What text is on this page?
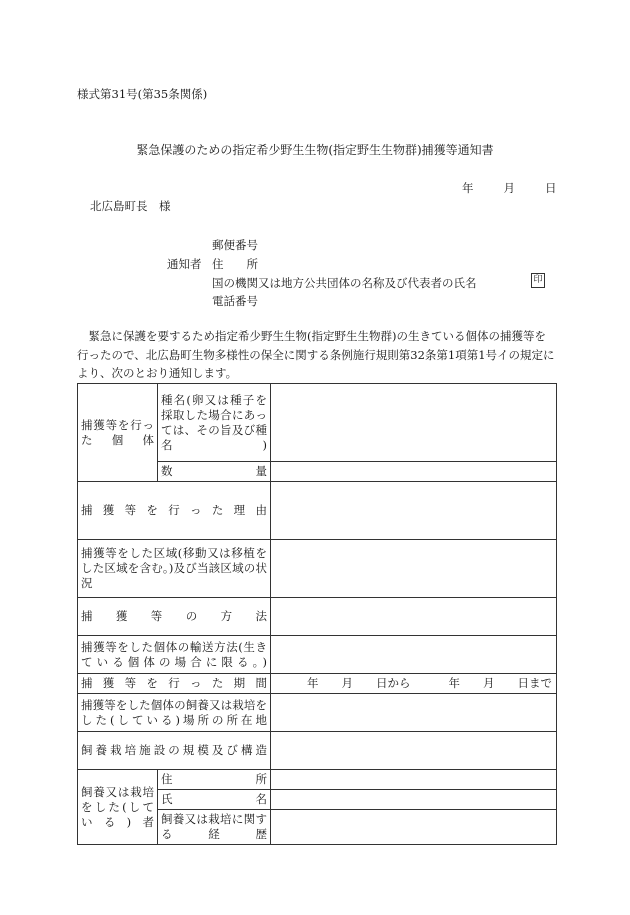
様式第31号(第35条関係)
緊急保護のための指定希少野生生物(指定野生生物群)捕獲等通知書
年	月	日
北広島町長　様
郵便番号
通知者 住　　所
国の機関又は地方公共団体の名称及び代表者の氏名	印
電話番号
緊急に保護を要するため指定希少野生生物(指定野生生物群)の生きている個体の捕獲等を行ったので、北広島町生物多様性の保全に関する条例施行規則第32条第1項第1号イの規定により、次のとおり通知します。
捕獲等を行った個体	種名(卵又は種子を採取した場合にあっては、その旨及び種名)	

	数量	

捕獲等を行った理由		

捕獲等をした区域(移動又は移植をした区域を含む。)及び当該区域の状況		

捕獲等の方法		

捕獲等をした個体の輸送方法(生きている個体の場合に限る。)		

捕獲等を行った期間		年　　月　　日から 年　　月　　日まで

捕獲等をした個体の飼養又は栽培をした(している)場所の所在地		

飼養栽培施設の規模及び構造		

飼養又は栽培をした(している)者	住所	

	氏名	

	飼養又は栽培に関する経歴	
